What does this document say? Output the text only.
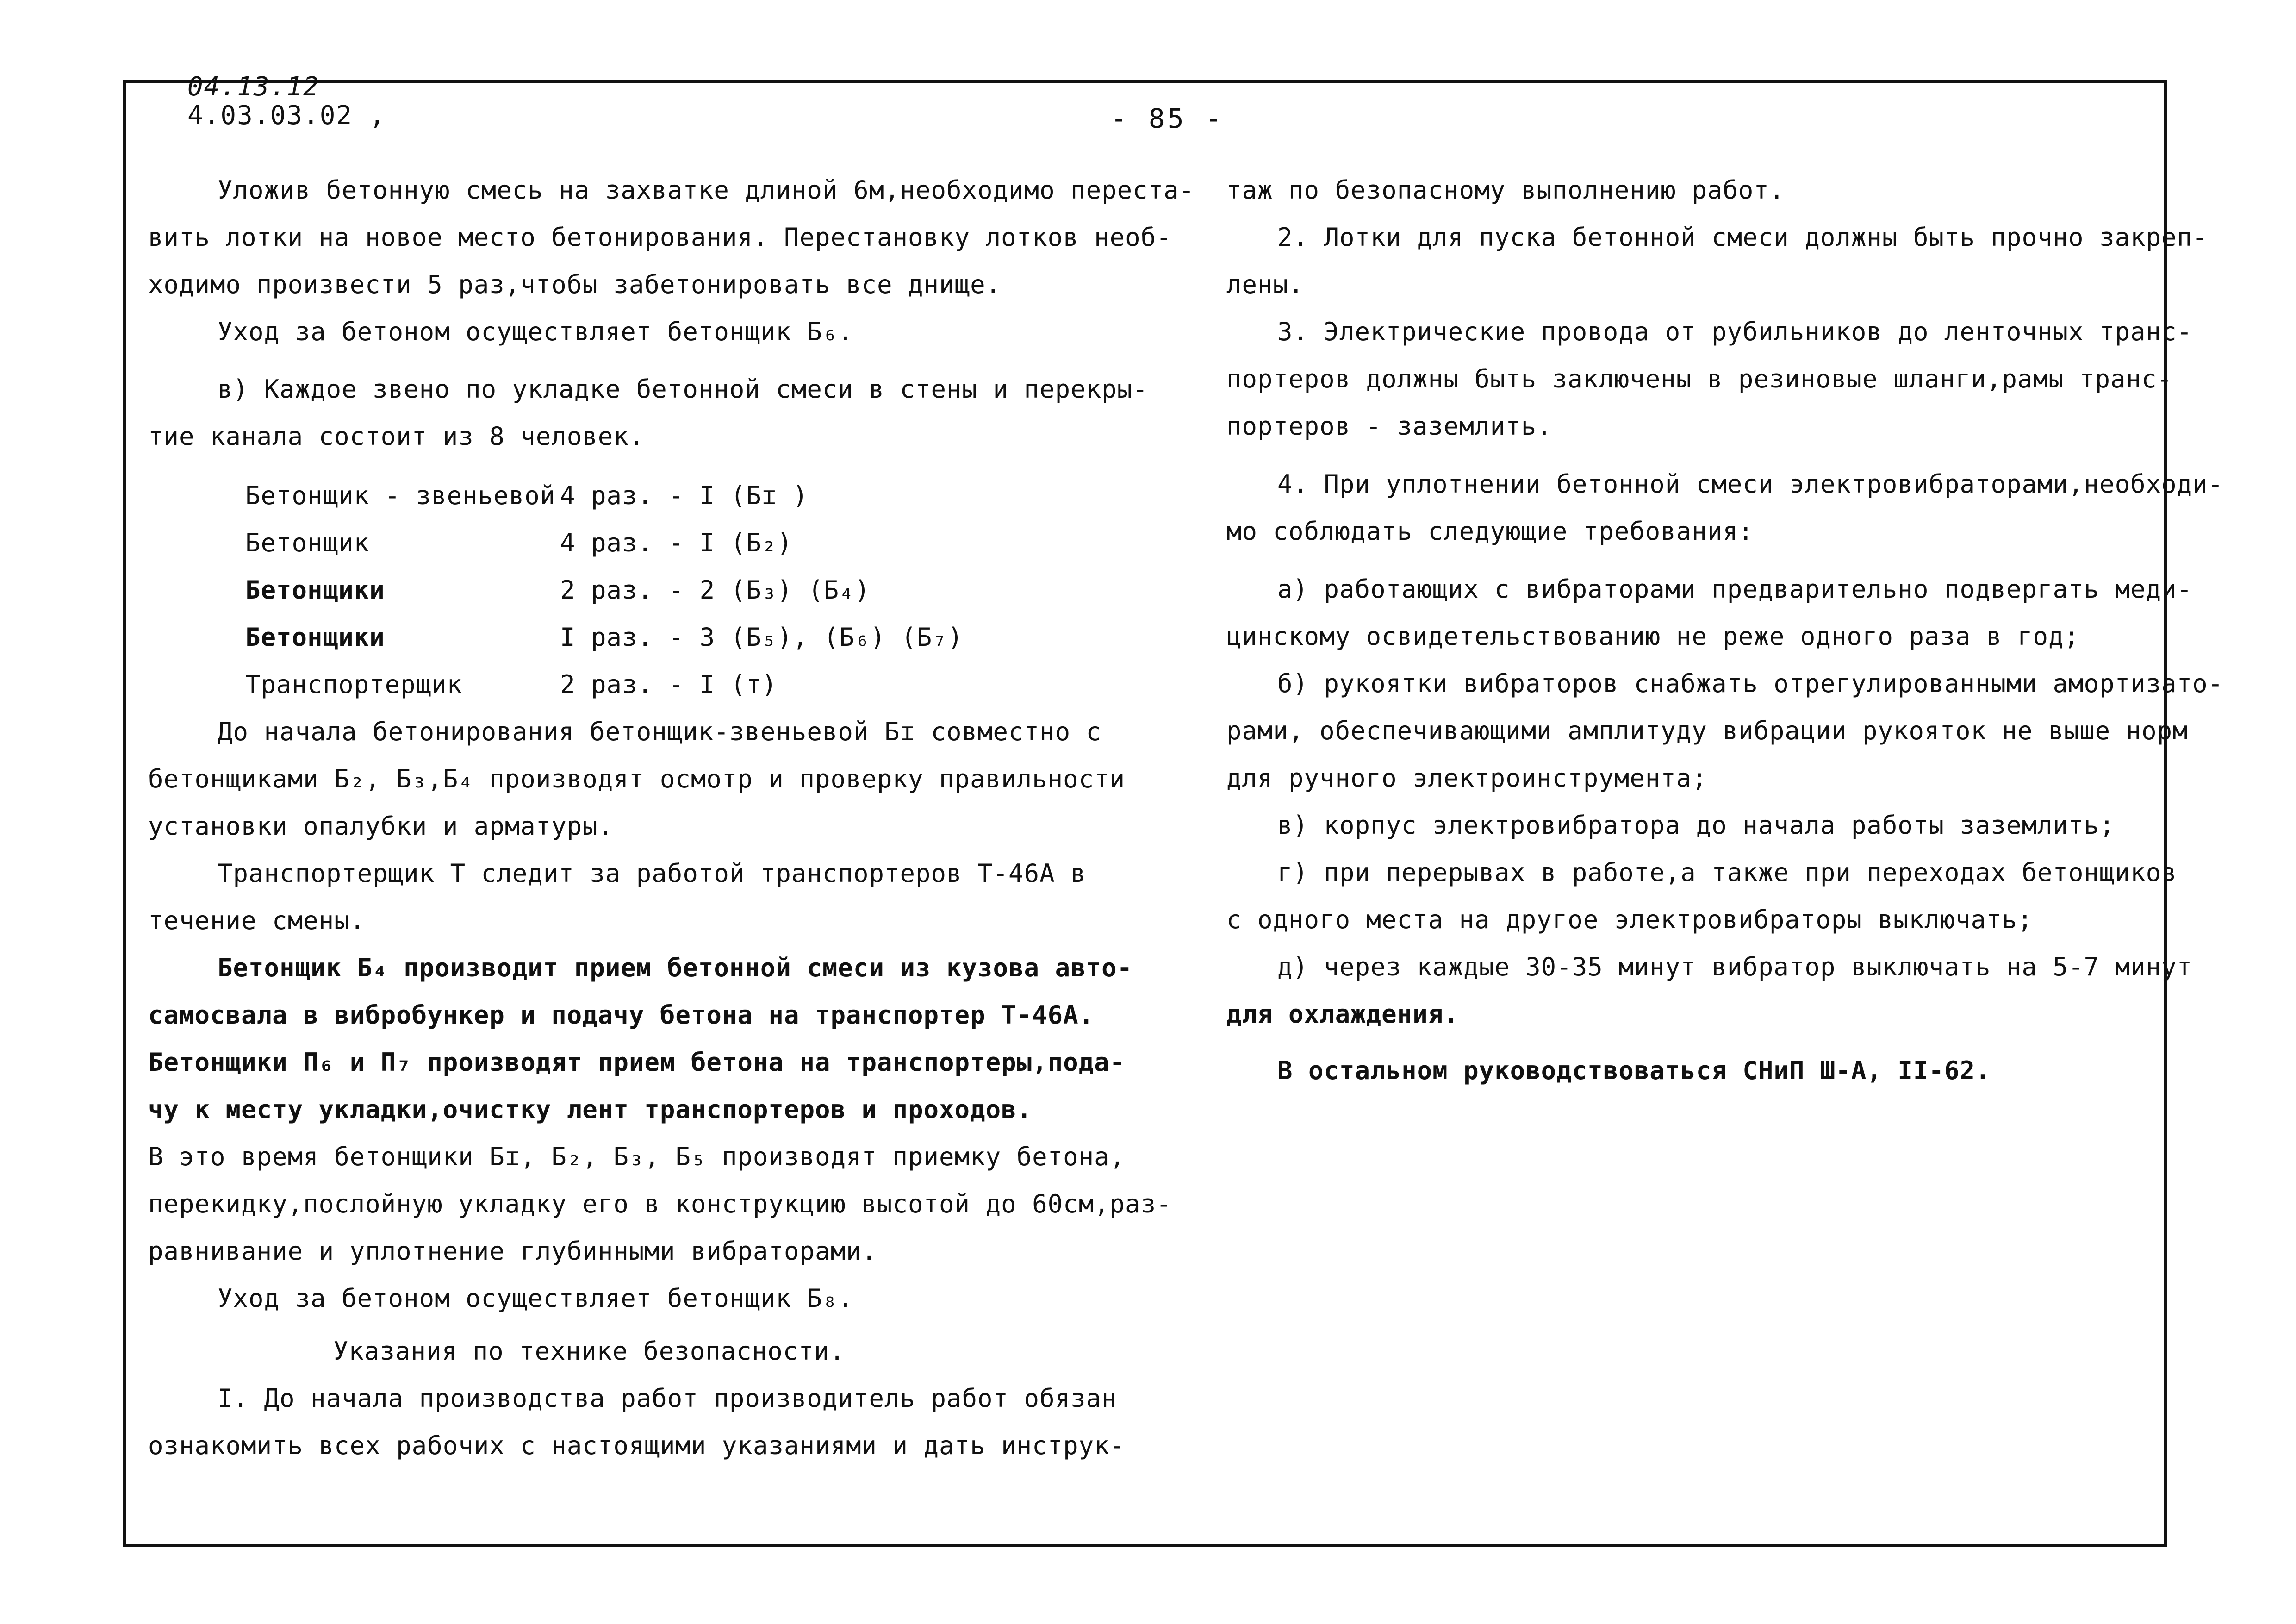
04.13.12
4.03.03.02 ,	- 85 -
Уложив бетонную смесь на захватке длиной 6м,необходимо переста-
вить лотки на новое место бетонирования. Перестановку лотков необ-
ходимо произвести 5 раз,чтобы забетонировать все днище.
Уход за бетоном осуществляет бетонщик Б₆.
в) Каждое звено по укладке бетонной смеси в стены и перекры-
тие канала состоит из 8 человек.
Бетонщик - звеньевой 4 раз. - I (Бɪ )
Бетонщик	4 раз. - I (Б₂)
Бетонщики	2 раз. - 2 (Б₃) (Б₄)
Бетонщики	I раз. - 3 (Б₅), (Б₆) (Б₇)
Транспортерщик	2 раз. - I (т)
До начала бетонирования бетонщик-звеньевой Бɪ совместно с
бетонщиками Б₂, Б₃,Б₄ производят осмотр и проверку правильности
установки опалубки и арматуры.
Транспортерщик Т следит за работой транспортеров Т-46А в
течение смены.
Бетонщик Б₄ производит прием бетонной смеси из кузова авто-
самосвала в вибробункер и подачу бетона на транспортер Т-46А.
Бетонщики П₆ и П₇ производят прием бетона на транспортеры,пода-
чу к месту укладки,очистку лент транспортеров и проходов.
В это время бетонщики Бɪ, Б₂, Б₃, Б₅ производят приемку бетона,
перекидку,послойную укладку его в конструкцию высотой до 60см,раз-
равнивание и уплотнение глубинными вибраторами.
Уход за бетоном осуществляет бетонщик Б₈.
Указания по технике безопасности.
I. До начала производства работ производитель работ обязан
ознакомить всех рабочих с настоящими указаниями и дать инструк-
таж по безопасному выполнению работ.
2. Лотки для пуска бетонной смеси должны быть прочно закреп-
лены.
3. Электрические провода от рубильников до ленточных транс-
портеров должны быть заключены в резиновые шланги,рамы транс-
портеров - заземлить.
4. При уплотнении бетонной смеси электровибраторами,необходи-
мо соблюдать следующие требования:
а) работающих с вибраторами предварительно подвергать меди-
цинскому освидетельствованию не реже одного раза в год;
б) рукоятки вибраторов снабжать отрегулированными амортизато-
рами, обеспечивающими амплитуду вибрации рукояток не выше норм
для ручного электроинструмента;
в) корпус электровибратора до начала работы заземлить;
г) при перерывах в работе,а также при переходах бетонщиков
с одного места на другое электровибраторы выключать;
д) через каждые 30-35 минут вибратор выключать на 5-7 минут
для охлаждения.
В остальном руководствоваться СНиП Ш-А, II-62.
